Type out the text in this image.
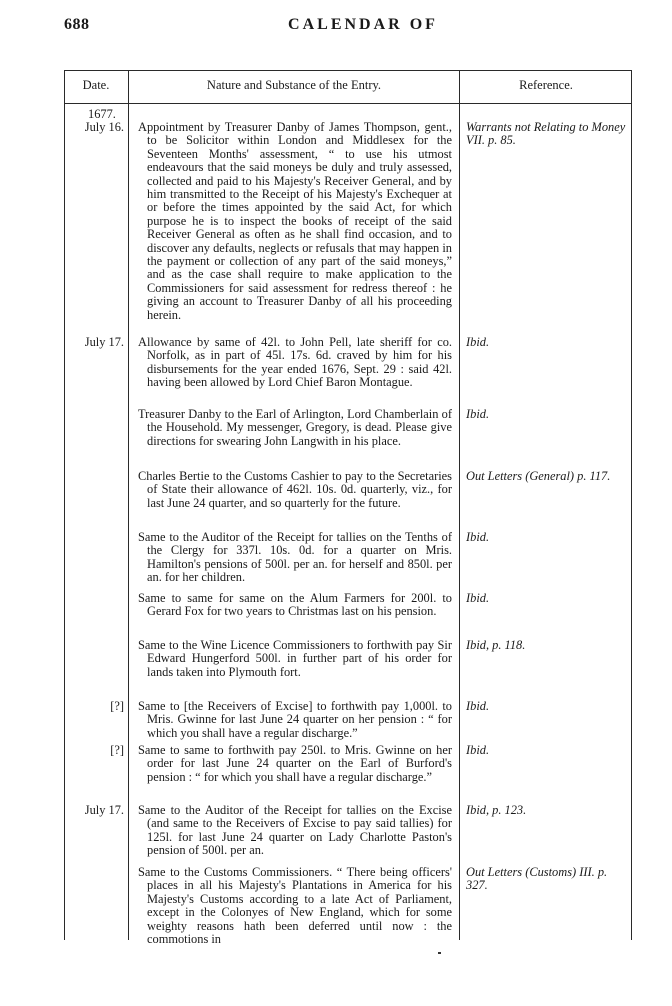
688	CALENDAR OF
Date.	Nature and Substance of the Entry.	Reference.
1677.
July 16. Appointment by Treasurer Danby of James Thompson, gent., to be Solicitor within London and Middlesex for the Seventeen Months' assessment, “ to use his utmost endeavours that the said moneys be duly and truly assessed, collected and paid to his Majesty's Receiver General, and by him transmitted to the Receipt of his Majesty's Exchequer at or before the times appointed by the said Act, for which purpose he is to inspect the books of receipt of the said Receiver General as often as he shall find occasion, and to discover any defaults, neglects or refusals that may happen in the payment or collection of any part of the said moneys,” and as the case shall require to make application to the Commissioners for said assessment for redress thereof : he giving an account to Treasurer Danby of all his proceeding herein.
Warrants not Relating to Money VII. p. 85.
July 17. Allowance by same of 42l. to John Pell, late sheriff for co. Norfolk, as in part of 45l. 17s. 6d. craved by him for his disbursements for the year ended 1676, Sept. 29 : said 42l. having been allowed by Lord Chief Baron Montague.
Ibid.
Treasurer Danby to the Earl of Arlington, Lord Chamberlain of the Household. My messenger, Gregory, is dead. Please give directions for swearing John Langwith in his place.
Ibid.
Charles Bertie to the Customs Cashier to pay to the Secretaries of State their allowance of 462l. 10s. 0d. quarterly, viz., for last June 24 quarter, and so quarterly for the future.
Out Letters (General) p. 117.
Same to the Auditor of the Receipt for tallies on the Tenths of the Clergy for 337l. 10s. 0d. for a quarter on Mris. Hamilton's pensions of 500l. per an. for herself and 850l. per an. for her children.
Ibid.
Same to same for same on the Alum Farmers for 200l. to Gerard Fox for two years to Christmas last on his pension.
Ibid.
Same to the Wine Licence Commissioners to forthwith pay Sir Edward Hungerford 500l. in further part of his order for lands taken into Plymouth fort.
Ibid, p. 118.
[?] Same to [the Receivers of Excise] to forthwith pay 1,000l. to Mris. Gwinne for last June 24 quarter on her pension : “ for which you shall have a regular discharge.”
Ibid.
[?] Same to same to forthwith pay 250l. to Mris. Gwinne on her order for last June 24 quarter on the Earl of Burford's pension : “ for which you shall have a regular discharge.”
Ibid.
July 17. Same to the Auditor of the Receipt for tallies on the Excise (and same to the Receivers of Excise to pay said tallies) for 125l. for last June 24 quarter on Lady Charlotte Paston's pension of 500l. per an.
Ibid, p. 123.
Same to the Customs Commissioners. “ There being officers' places in all his Majesty's Plantations in America for his Majesty's Customs according to a late Act of Parliament, except in the Colonyes of New England, which for some weighty reasons hath been deferred until now : the commotions in
Out Letters (Customs) III. p. 327.
